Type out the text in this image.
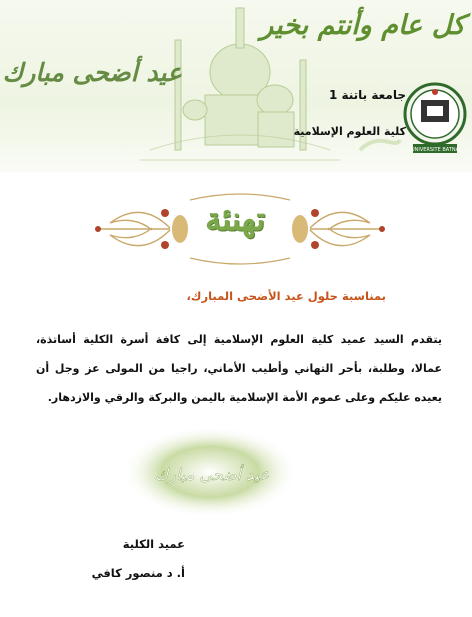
كل عام وأنتم بخير
عيد أضحى مبارك
جامعة باتنة 1
كلية العلوم الإسلامية
UNIVERSITE BATNA
تهنئة
بمناسبة حلول عيد الأضحى المبارك،
يتقدم السيد عميد كلية العلوم الإسلامية إلى كافة أسرة الكلية أساتذة، عمالا، وطلبة، بأحر التهاني وأطيب الأماني، راجيا من المولى عز وجل أن يعيده عليكم وعلى عموم الأمة الإسلامية باليمن والبركة والرقي والازدهار.
عيد أضحى مبارك
عميد الكلية
أ. د منصور كافي
